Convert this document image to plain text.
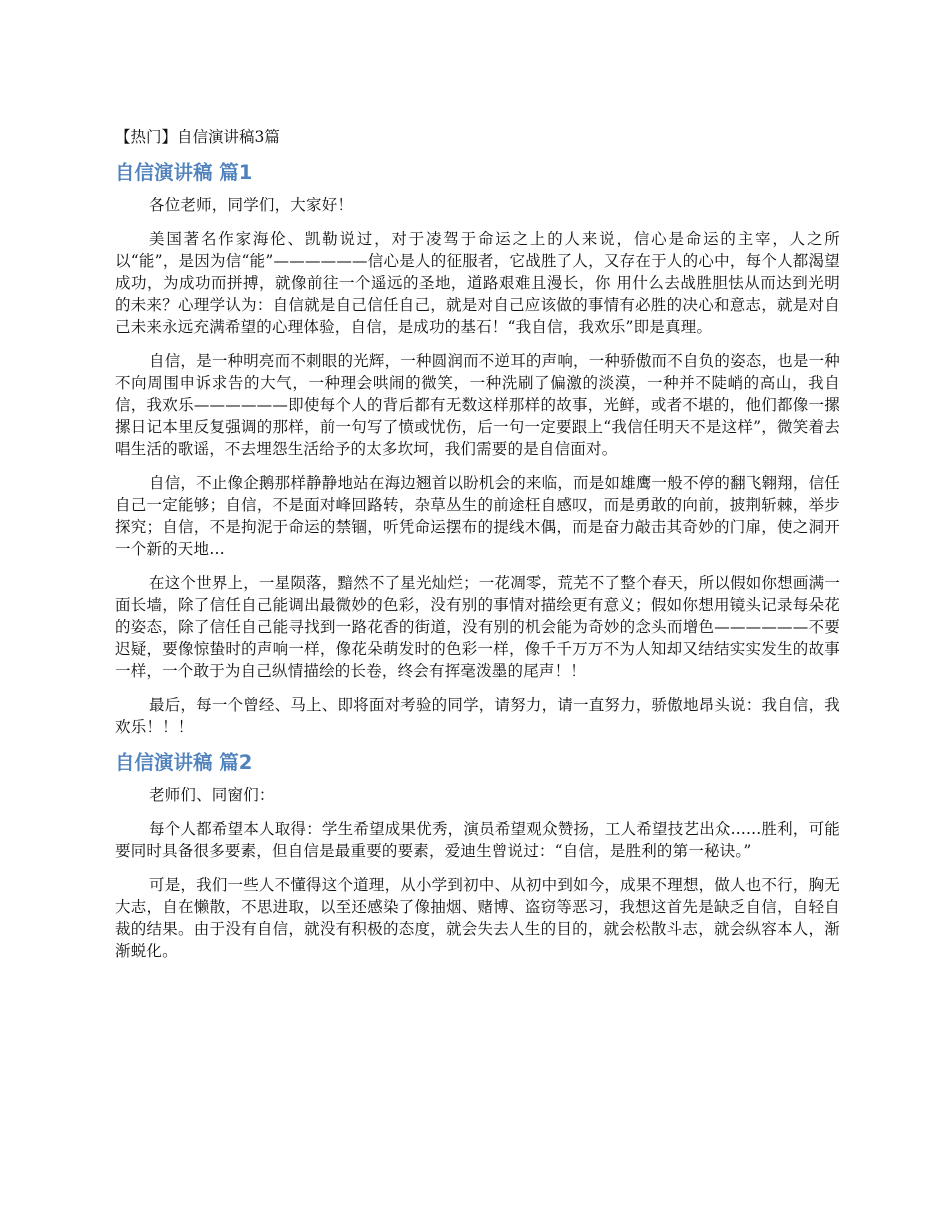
【热门】自信演讲稿3篇
自信演讲稿 篇1

各位老师，同学们，大家好！

美国著名作家海伦、凯勒说过，对于凌驾于命运之上的人来说，信心是命运的主宰，人之所以“能”，是因为信“能”——————信心是人的征服者，它战胜了人，又存在于人的心中，每个人都渴望成功，为成功而拼搏，就像前往一个遥远的圣地，道路艰难且漫长，你 用什么去战胜胆怯从而达到光明的未来？心理学认为：自信就是自己信任自己，就是对自己应该做的事情有必胜的决心和意志，就是对自己未来永远充满希望的心理体验，自信，是成功的基石！“我自信，我欢乐”即是真理。

自信，是一种明亮而不刺眼的光辉，一种圆润而不逆耳的声响，一种骄傲而不自负的姿态，也是一种不向周围申诉求告的大气，一种理会哄闹的微笑，一种洗刷了偏激的淡漠，一种并不陡峭的高山，我自信，我欢乐——————即使每个人的背后都有无数这样那样的故事，光鲜，或者不堪的，他们都像一摞摞日记本里反复强调的那样，前一句写了愤或忧伤，后一句一定要跟上“我信任明天不是这样”，微笑着去唱生活的歌谣，不去埋怨生活给予的太多坎坷，我们需要的是自信面对。

自信，不止像企鹅那样静静地站在海边翘首以盼机会的来临，而是如雄鹰一般不停的翻飞翱翔，信任自己一定能够；自信，不是面对峰回路转，杂草丛生的前途枉自感叹，而是勇敢的向前，披荆斩棘，举步探究；自信，不是拘泥于命运的禁锢，听凭命运摆布的提线木偶，而是奋力敲击其奇妙的门扉，使之洞开一个新的天地…

在这个世界上，一星陨落，黯然不了星光灿烂；一花凋零，荒芜不了整个春天，所以假如你想画满一面长墙，除了信任自己能调出最微妙的色彩，没有别的事情对描绘更有意义；假如你想用镜头记录每朵花的姿态，除了信任自己能寻找到一路花香的街道，没有别的机会能为奇妙的念头而增色——————不要迟疑，要像惊蛰时的声响一样，像花朵萌发时的色彩一样，像千千万万不为人知却又结结实实发生的故事一样，一个敢于为自己纵情描绘的长卷，终会有挥毫泼墨的尾声！！

最后，每一个曾经、马上、即将面对考验的同学，请努力，请一直努力，骄傲地昂头说：我自信，我欢乐！！！

自信演讲稿 篇2

老师们、同窗们：

每个人都希望本人取得：学生希望成果优秀，演员希望观众赞扬，工人希望技艺出众......胜利，可能要同时具备很多要素，但自信是最重要的要素，爱迪生曾说过：“自信，是胜利的第一秘诀。”

可是，我们一些人不懂得这个道理，从小学到初中、从初中到如今，成果不理想，做人也不行，胸无大志，自在懒散，不思进取，以至还感染了像抽烟、赌博、盗窃等恶习，我想这首先是缺乏自信，自轻自裁的结果。由于没有自信，就没有积极的态度，就会失去人生的目的，就会松散斗志，就会纵容本人，渐渐蜕化。
